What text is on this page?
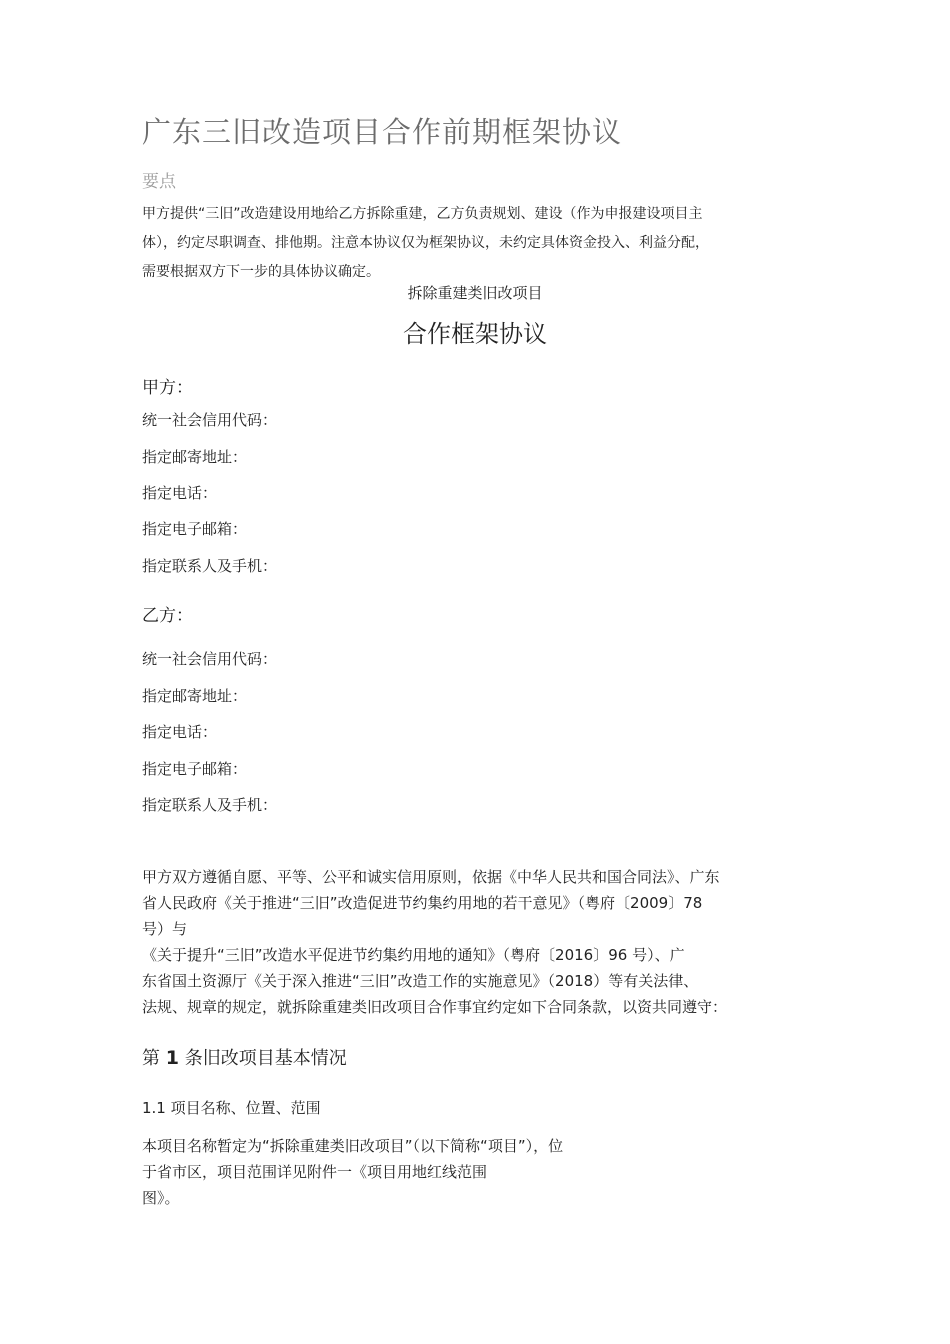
广东三旧改造项目合作前期框架协议
要点
甲方提供“三旧”改造建设用地给乙方拆除重建，乙方负责规划、建设（作为申报建设项目主
体），约定尽职调查、排他期。注意本协议仅为框架协议，未约定具体资金投入、利益分配，
需要根据双方下一步的具体协议确定。
拆除重建类旧改项目
合作框架协议
甲方：
统一社会信用代码：
指定邮寄地址：
指定电话：
指定电子邮箱：
指定联系人及手机：
乙方：
统一社会信用代码：
指定邮寄地址：
指定电话：
指定电子邮箱：
指定联系人及手机：
甲方双方遵循自愿、平等、公平和诚实信用原则，依据《中华人民共和国合同法》、广东
省人民政府《关于推进“三旧”改造促进节约集约用地的若干意见》（粤府〔2009〕78
号）与
《关于提升“三旧”改造水平促进节约集约用地的通知》（粤府〔2016〕96 号）、广
东省国土资源厅《关于深入推进“三旧”改造工作的实施意见》（2018）等有关法律、
法规、规章的规定，就拆除重建类旧改项目合作事宜约定如下合同条款，以资共同遵守：
第 1 条旧改项目基本情况
1.1 项目名称、位置、范围
本项目名称暂定为“拆除重建类旧改项目”（以下简称“项目”），位
于省市区，项目范围详见附件一《项目用地红线范围
图》。
